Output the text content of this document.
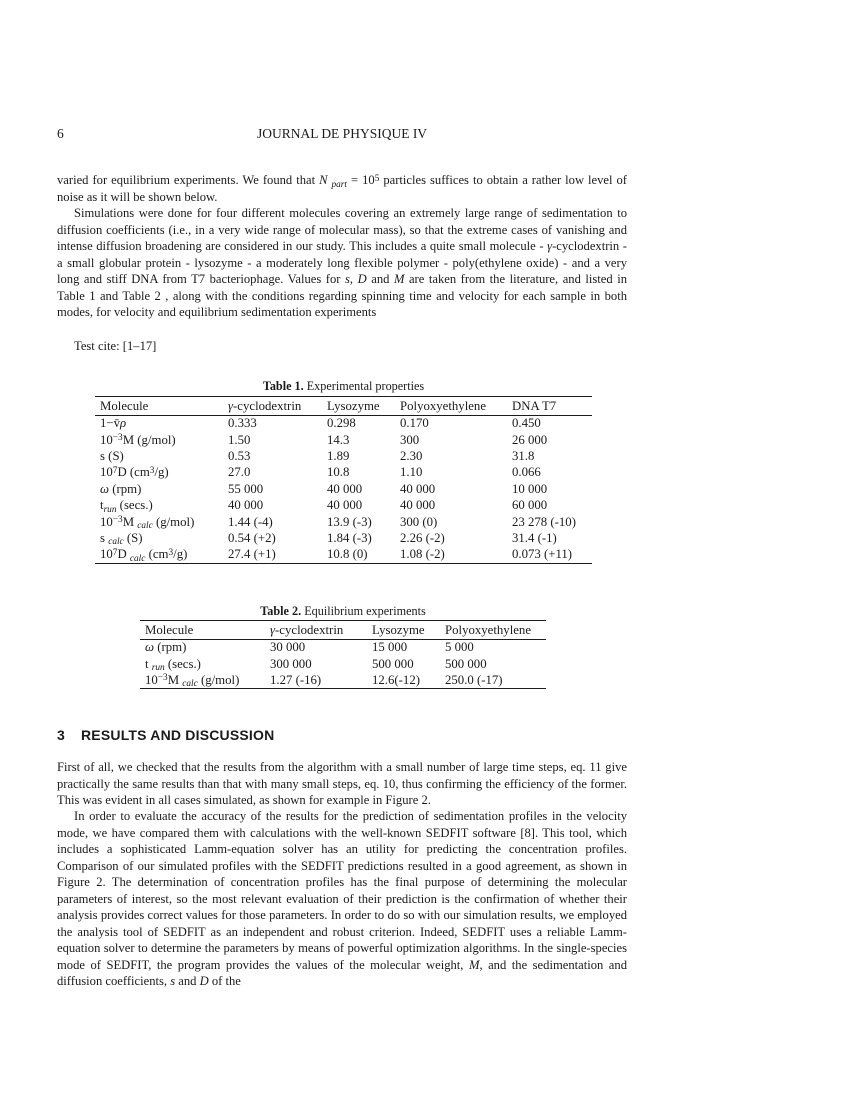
6	JOURNAL DE PHYSIQUE IV

varied for equilibrium experiments. We found that N $_{part} = 10^5$ particles suffices to obtain a rather low level of noise as it will be shown below.

Simulations were done for four different molecules covering an extremely large range of sedimentation to diffusion coefficients (i.e., in a very wide range of molecular mass), so that the extreme cases of vanishing and intense diffusion broadening are considered in our study. This includes a quite small molecule - γ-cyclodextrin - a small globular protein - lysozyme - a moderately long flexible polymer - poly(ethylene oxide) - and a very long and stiff DNA from T7 bacteriophage. Values for s, D and M are taken from the literature, and listed in Table 1 and Table 2 , along with the conditions regarding spinning time and velocity for each sample in both modes, for velocity and equilibrium sedimentation experiments

Test cite: [1–17]

Table 1. Experimental properties
Molecule	γ-cyclodextrin	Lysozyme	Polyoxyethylene	DNA T7
1−v̄ρ	0.333	0.298	0.170	0.450
$10^{-3}M$ (g/mol)	1.50	14.3	300	26 000
s (S)	0.53	1.89	2.30	31.8
$10^7D$ $(cm^3/g)$	27.0	10.8	1.10	0.066
ω (rpm)	55 000	40 000	40 000	10 000
$t_{run}$ (secs.)	40 000	40 000	40 000	60 000
$10^{-3}M$ $_{calc}$ (g/mol)	1.44 (-4)	13.9 (-3)	300 (0)	23 278 (-10)
s $_{calc}$ (S)	0.54 (+2)	1.84 (-3)	2.26 (-2)	31.4 (-1)
$10^7D$ $_{calc}$ $(cm^3/g)$	27.4 (+1)	10.8 (0)	1.08 (-2)	0.073 (+11)
Table 2. Equilibrium experiments
Molecule	γ-cyclodextrin	Lysozyme	Polyoxyethylene
ω (rpm)	30 000	15 000	5 000
t $_{run}$ (secs.)	300 000	500 000	500 000
$10^{-3}M$ $_{calc}$ (g/mol)	1.27 (-16)	12.6(-12)	250.0 (-17)
3 RESULTS AND DISCUSSION

First of all, we checked that the results from the algorithm with a small number of large time steps, eq. 11 give practically the same results than that with many small steps, eq. 10, thus confirming the efficiency of the former. This was evident in all cases simulated, as shown for example in Figure 2.

In order to evaluate the accuracy of the results for the prediction of sedimentation profiles in the velocity mode, we have compared them with calculations with the well-known SEDFIT software [8]. This tool, which includes a sophisticated Lamm-equation solver has an utility for predicting the concentration profiles. Comparison of our simulated profiles with the SEDFIT predictions resulted in a good agreement, as shown in Figure 2. The determination of concentration profiles has the final purpose of determining the molecular parameters of interest, so the most relevant evaluation of their prediction is the confirmation of whether their analysis provides correct values for those parameters. In order to do so with our simulation results, we employed the analysis tool of SEDFIT as an independent and robust criterion. Indeed, SEDFIT uses a reliable Lamm-equation solver to determine the parameters by means of powerful optimization algorithms. In the single-species mode of SEDFIT, the program provides the values of the molecular weight, M, and the sedimentation and diffusion coefficients, s and D of the
